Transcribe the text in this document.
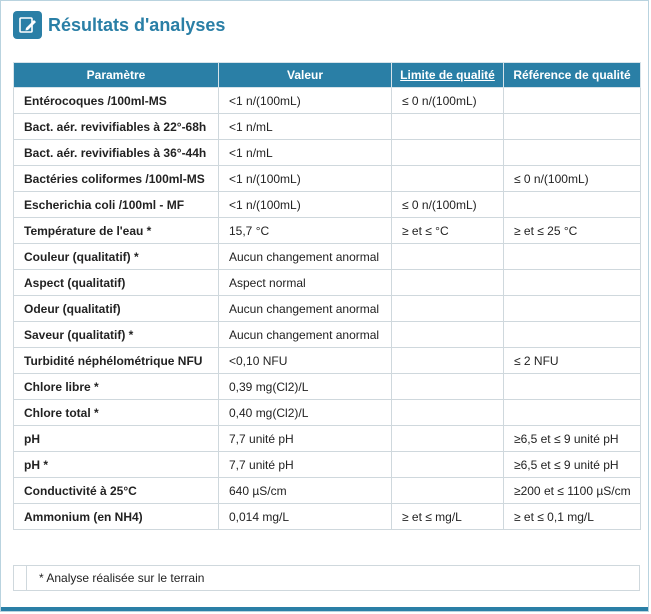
Résultats d'analyses
Paramètre	Valeur	Limite de qualité	Référence de qualité
Entérocoques /100ml-MS	<1 n/(100mL)	≤ 0 n/(100mL)	
Bact. aér. revivifiables à 22°-68h	<1 n/mL		
Bact. aér. revivifiables à 36°-44h	<1 n/mL		
Bactéries coliformes /100ml-MS	<1 n/(100mL)		≤ 0 n/(100mL)
Escherichia coli /100ml - MF	<1 n/(100mL)	≤ 0 n/(100mL)	
Température de l'eau *	15,7 °C	≥ et ≤ °C	≥ et ≤ 25 °C
Couleur (qualitatif) *	Aucun changement anormal		
Aspect (qualitatif)	Aspect normal		
Odeur (qualitatif)	Aucun changement anormal		
Saveur (qualitatif) *	Aucun changement anormal		
Turbidité néphélométrique NFU	<0,10 NFU		≤ 2 NFU
Chlore libre *	0,39 mg(Cl2)/L		
Chlore total *	0,40 mg(Cl2)/L		
pH	7,7 unité pH		≥6,5 et ≤ 9 unité pH
pH *	7,7 unité pH		≥6,5 et ≤ 9 unité pH
Conductivité à 25°C	640 µS/cm		≥200 et ≤ 1100 µS/cm
Ammonium (en NH4)	0,014 mg/L	≥ et ≤ mg/L	≥ et ≤ 0,1 mg/L
* Analyse réalisée sur le terrain
